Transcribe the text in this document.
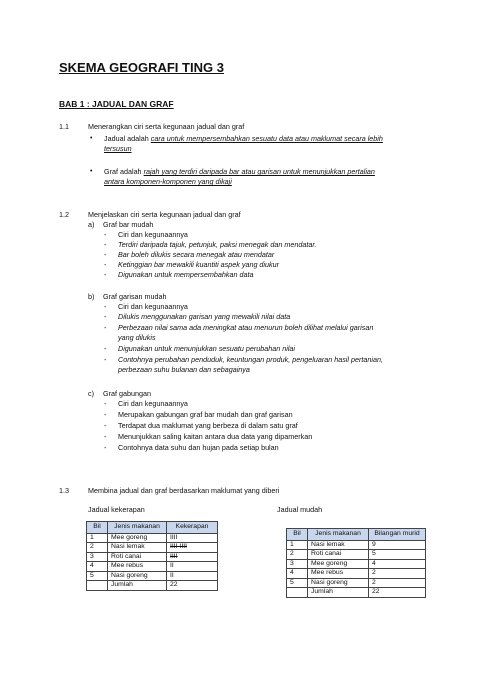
SKEMA GEOGRAFI TING 3
BAB 1 : JADUAL DAN GRAF
1.1	Menerangkan ciri serta kegunaan jadual dan graf
• Jadual adalah cara untuk mempersembahkan sesuatu data atau maklumat secara lebih
tersusun
• Graf adalah rajah yang terdiri daripada bar atau garisan untuk menunjukkan pertalian
antara komponen-komponen yang dikaji
1.2	Menjelaskan ciri serta kegunaan jadual dan graf
a) Graf bar mudah
- Ciri dan kegunaannya
- Terdiri daripada tajuk, petunjuk, paksi menegak dan mendatar.
- Bar boleh dilukis secara menegak atau mendatar
- Ketinggian bar mewakili kuantiti aspek yang diukur
- Digunakan untuk mempersembahkan data
b) Graf garisan mudah
- Ciri dan kegunaannya
- Dilukis menggunakan garisan yang mewakili nilai data
- Perbezaan nilai sama ada meningkat atau menurun boleh dilihat melalui garisan
yang dilukis
- Digunakan untuk menunjukkan sesuatu perubahan nilai
- Contohnya perubahan penduduk, keuntungan produk, pengeluaran hasil pertanian,
perbezaan suhu bulanan dan sebagainya
c) Graf gabungan
- Ciri dan kegunaannya
- Merupakan gabungan graf bar mudah dan graf garisan
- Terdapat dua maklumat yang berbeza di dalam satu graf
- Menunjukkan saling kaitan antara dua data yang dipamerkan
- Contohnya data suhu dan hujan pada setiap bulan
1.3	Membina jadual dan graf berdasarkan maklumat yang diberi
Jadual kekerapan	Jadual mudah
Bil	Jenis makanan	Kekerapan
1	Mee goreng	IIII
2	Nasi lemak	IIII IIII
3	Roti canai	IIII
4	Mee rebus	II
5	Nasi goreng	II
	Jumlah	22
Bil	Jenis makanan	Bilangan murid
1	Nasi lemak	9
2	Roti canai	5
3	Mee goreng	4
4	Mee rebus	2
5	Nasi goreng	2
	Jumlah	22
